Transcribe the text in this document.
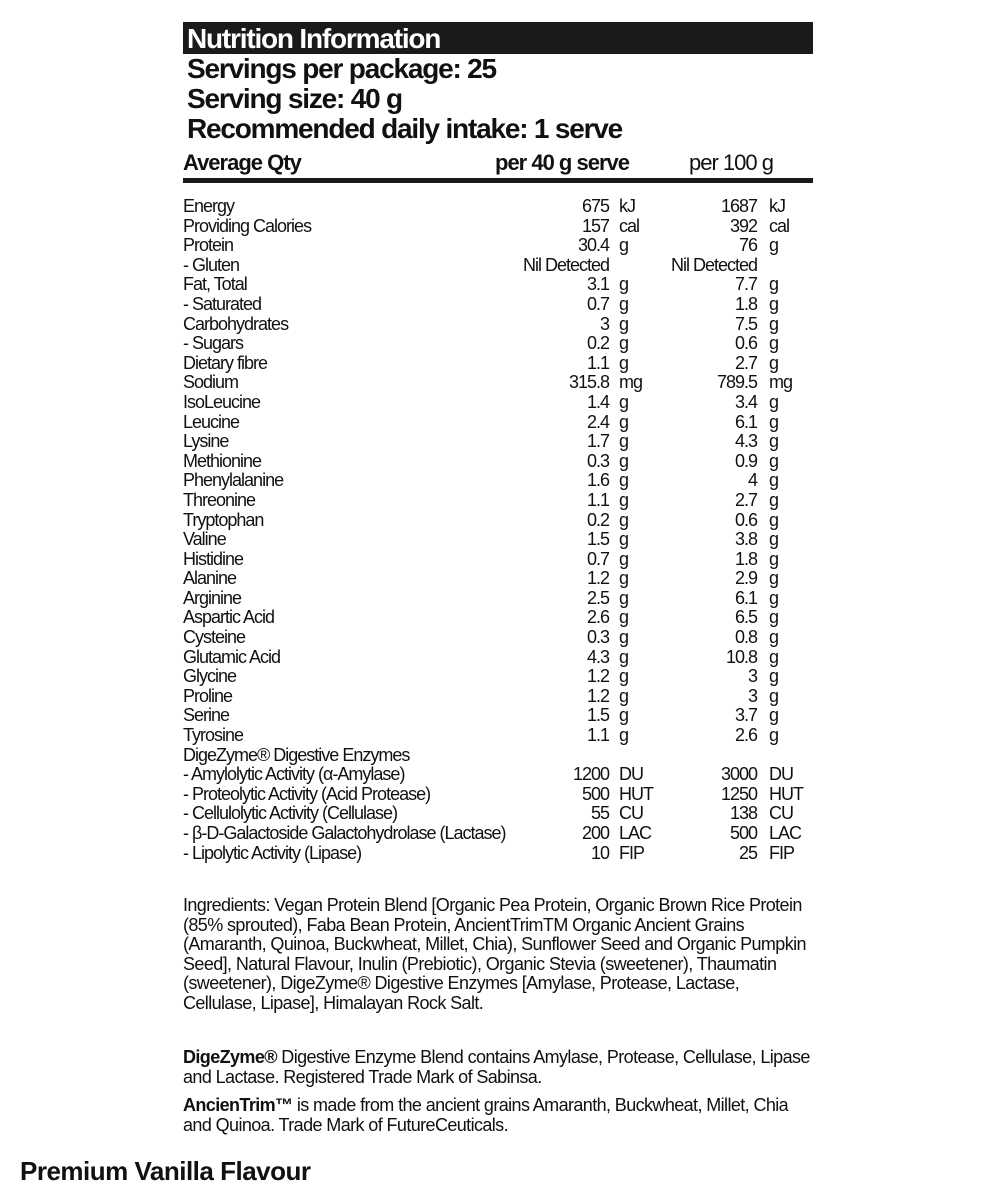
Nutrition Information
Servings per package: 25
Serving size: 40 g
Recommended daily intake: 1 serve
Average Qty	per 40 g serve	per 100 g
Energy	675 kJ	1687 kJ
Providing Calories	157 cal	392 cal
Protein	30.4 g	76 g
- Gluten	Nil Detected	Nil Detected
Fat, Total	3.1 g	7.7 g
- Saturated	0.7 g	1.8 g
Carbohydrates	3 g	7.5 g
- Sugars	0.2 g	0.6 g
Dietary fibre	1.1 g	2.7 g
Sodium	315.8 mg	789.5 mg
IsoLeucine	1.4 g	3.4 g
Leucine	2.4 g	6.1 g
Lysine	1.7 g	4.3 g
Methionine	0.3 g	0.9 g
Phenylalanine	1.6 g	4 g
Threonine	1.1 g	2.7 g
Tryptophan	0.2 g	0.6 g
Valine	1.5 g	3.8 g
Histidine	0.7 g	1.8 g
Alanine	1.2 g	2.9 g
Arginine	2.5 g	6.1 g
Aspartic Acid	2.6 g	6.5 g
Cysteine	0.3 g	0.8 g
Glutamic Acid	4.3 g	10.8 g
Glycine	1.2 g	3 g
Proline	1.2 g	3 g
Serine	1.5 g	3.7 g
Tyrosine	1.1 g	2.6 g
DigeZyme® Digestive Enzymes
- Amylolytic Activity (α-Amylase)	1200 DU	3000 DU
- Proteolytic Activity (Acid Protease)	500 HUT	1250 HUT
- Cellulolytic Activity (Cellulase)	55 CU	138 CU
- β-D-Galactoside Galactohydrolase (Lactase)	200 LAC	500 LAC
- Lipolytic Activity (Lipase)	10 FIP	25 FIP
Ingredients: Vegan Protein Blend [Organic Pea Protein, Organic Brown Rice Protein (85% sprouted), Faba Bean Protein, AncientTrimTM Organic Ancient Grains (Amaranth, Quinoa, Buckwheat, Millet, Chia), Sunflower Seed and Organic Pumpkin Seed], Natural Flavour, Inulin (Prebiotic), Organic Stevia (sweetener), Thaumatin (sweetener), DigeZyme® Digestive Enzymes [Amylase, Protease, Lactase, Cellulase, Lipase], Himalayan Rock Salt.
DigeZyme® Digestive Enzyme Blend contains Amylase, Protease, Cellulase, Lipase and Lactase. Registered Trade Mark of Sabinsa.
AncienTrim™ is made from the ancient grains Amaranth, Buckwheat, Millet, Chia and Quinoa. Trade Mark of FutureCeuticals.
Premium Vanilla Flavour
